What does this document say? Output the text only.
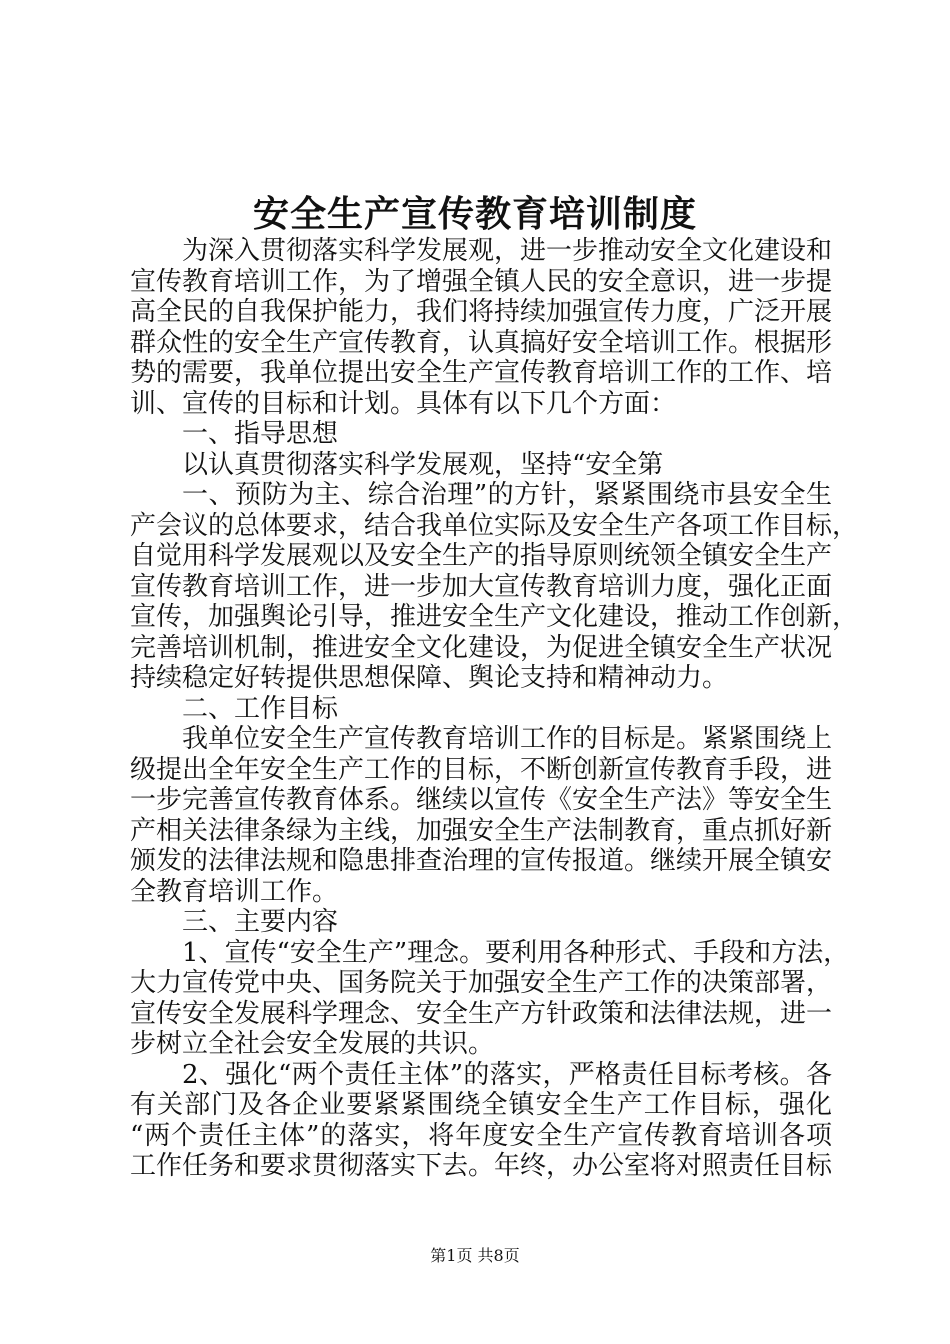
安全生产宣传教育培训制度
为深入贯彻落实科学发展观，进一步推动安全文化建设和
宣传教育培训工作，为了增强全镇人民的安全意识，进一步提
高全民的自我保护能力，我们将持续加强宣传力度，广泛开展
群众性的安全生产宣传教育，认真搞好安全培训工作。根据形
势的需要，我单位提出安全生产宣传教育培训工作的工作、培
训、宣传的目标和计划。具体有以下几个方面：
一、指导思想
以认真贯彻落实科学发展观，坚持“安全第
一、预防为主、综合治理”的方针，紧紧围绕市县安全生
产会议的总体要求，结合我单位实际及安全生产各项工作目标，
自觉用科学发展观以及安全生产的指导原则统领全镇安全生产
宣传教育培训工作，进一步加大宣传教育培训力度，强化正面
宣传，加强舆论引导，推进安全生产文化建设，推动工作创新，
完善培训机制，推进安全文化建设，为促进全镇安全生产状况
持续稳定好转提供思想保障、舆论支持和精神动力。
二、工作目标
我单位安全生产宣传教育培训工作的目标是。紧紧围绕上
级提出全年安全生产工作的目标，不断创新宣传教育手段，进
一步完善宣传教育体系。继续以宣传《安全生产法》等安全生
产相关法律条绿为主线，加强安全生产法制教育，重点抓好新
颁发的法律法规和隐患排查治理的宣传报道。继续开展全镇安
全教育培训工作。
三、主要内容
1、宣传“安全生产”理念。要利用各种形式、手段和方法，
大力宣传党中央、国务院关于加强安全生产工作的决策部署，
宣传安全发展科学理念、安全生产方针政策和法律法规，进一
步树立全社会安全发展的共识。
2、强化“两个责任主体”的落实，严格责任目标考核。各
有关部门及各企业要紧紧围绕全镇安全生产工作目标，强化
“两个责任主体”的落实，将年度安全生产宣传教育培训各项
工作任务和要求贯彻落实下去。年终，办公室将对照责任目标
第1页 共8页
